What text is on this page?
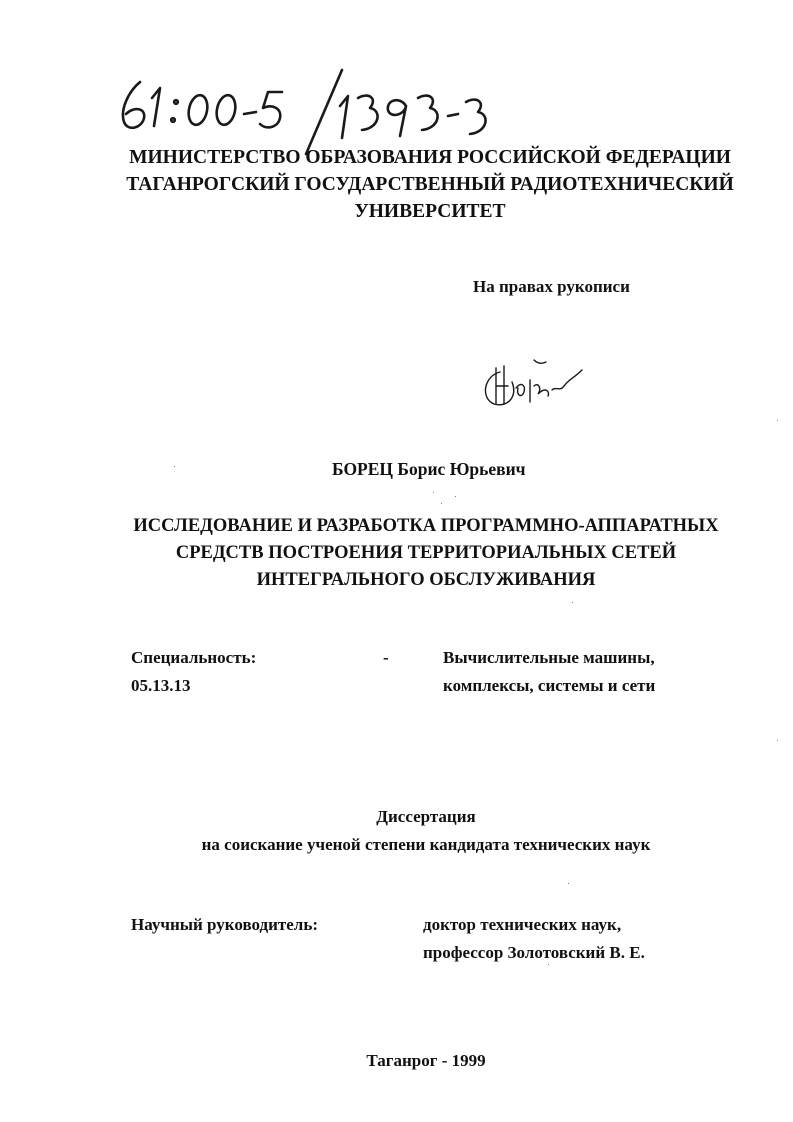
МИНИСТЕРСТВО ОБРАЗОВАНИЯ РОССИЙСКОЙ ФЕДЕРАЦИИ
ТАГАНРОГСКИЙ ГОСУДАРСТВЕННЫЙ РАДИОТЕХНИЧЕСКИЙ
УНИВЕРСИТЕТ
На правах рукописи
БОРЕЦ Борис Юрьевич
ИССЛЕДОВАНИЕ И РАЗРАБОТКА ПРОГРАММНО-АППАРАТНЫХ
СРЕДСТВ ПОСТРОЕНИЯ ТЕРРИТОРИАЛЬНЫХ СЕТЕЙ
ИНТЕГРАЛЬНОГО ОБСЛУЖИВАНИЯ
Специальность:
05.13.13
-	Вычислительные машины,
комплексы, системы и сети
Диссертация
на соискание ученой степени кандидата технических наук
Научный руководитель:	доктор технических наук,
профессор Золотовский В. Е.
Таганрог - 1999
